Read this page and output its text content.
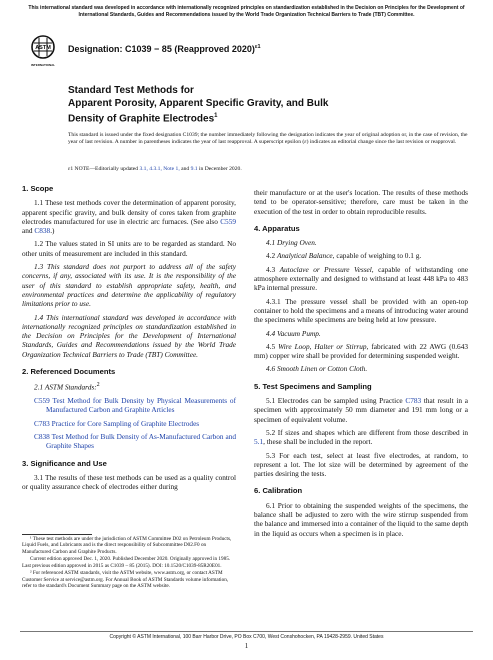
This international standard was developed in accordance with internationally recognized principles on standardization established in the Decision on Principles for the Development of International Standards, Guides and Recommendations issued by the World Trade Organization Technical Barriers to Trade (TBT) Committee.
ASTM
INTERNATIONAL
Designation: C1039 − 85 (Reapproved 2020)$^{\varepsilon 1}$
Standard Test Methods for
Apparent Porosity, Apparent Specific Gravity, and Bulk
Density of Graphite Electrodes$^1$
This standard is issued under the fixed designation C1039; the number immediately following the designation indicates the year of original adoption or, in the case of revision, the year of last revision. A number in parentheses indicates the year of last reapproval. A superscript epsilon (ε) indicates an editorial change since the last revision or reapproval.
ε1 NOTE—Editorially updated 3.1, 4.3.1, Note 1, and 9.1 in December 2020.
1. Scope

1.1 These test methods cover the determination of apparent porosity, apparent specific gravity, and bulk density of cores taken from graphite electrodes manufactured for use in electric arc furnaces. (See also C559 and C838.)

1.2 The values stated in SI units are to be regarded as standard. No other units of measurement are included in this standard.

1.3 This standard does not purport to address all of the safety concerns, if any, associated with its use. It is the responsibility of the user of this standard to establish appropriate safety, health, and environmental practices and determine the applicability of regulatory limitations prior to use.

1.4 This international standard was developed in accordance with internationally recognized principles on standardization established in the Decision on Principles for the Development of International Standards, Guides and Recommendations issued by the World Trade Organization Technical Barriers to Trade (TBT) Committee.

2. Referenced Documents

2.1 ASTM Standards:$^2$

C559 Test Method for Bulk Density by Physical Measurements of Manufactured Carbon and Graphite Articles

C783 Practice for Core Sampling of Graphite Electrodes

C838 Test Method for Bulk Density of As-Manufactured Carbon and Graphite Shapes

3. Significance and Use

3.1 The results of these test methods can be used as a quality control or quality assurance check of electrodes either during

¹ These test methods are under the jurisdiction of ASTM Committee D02 on Petroleum Products, Liquid Fuels, and Lubricants and is the direct responsibility of Subcommittee D02.F0 on Manufactured Carbon and Graphite Products.

Current edition approved Dec. 1, 2020. Published December 2020. Originally approved in 1985. Last previous edition approved in 2015 as C1039 – 85 (2015). DOI: 10.1520/C1039-85R20E01.

² For referenced ASTM standards, visit the ASTM website, www.astm.org, or contact ASTM Customer Service at service@astm.org. For Annual Book of ASTM Standards volume information, refer to the standard's Document Summary page on the ASTM website.

their manufacture or at the user's location. The results of these methods tend to be operator-sensitive; therefore, care must be taken in the execution of the test in order to obtain reproducible results.

4. Apparatus

4.1 Drying Oven.

4.2 Analytical Balance, capable of weighing to 0.1 g.

4.3 Autoclave or Pressure Vessel, capable of withstanding one atmosphere externally and designed to withstand at least 448 kPa to 483 kPa internal pressure.

4.3.1 The pressure vessel shall be provided with an open-top container to hold the specimens and a means of introducing water around the specimens while specimens are being held at low pressure.

4.4 Vacuum Pump.

4.5 Wire Loop, Halter or Stirrup, fabricated with 22 AWG (0.643 mm) copper wire shall be provided for determining suspended weight.

4.6 Smooth Linen or Cotton Cloth.

5. Test Specimens and Sampling

5.1 Electrodes can be sampled using Practice C783 that result in a specimen with approximately 50 mm diameter and 191 mm long or a specimen of equivalent volume.

5.2 If sizes and shapes which are different from those described in 5.1, these shall be included in the report.

5.3 For each test, select at least five electrodes, at random, to represent a lot. The lot size will be determined by agreement of the parties desiring the tests.

6. Calibration

6.1 Prior to obtaining the suspended weights of the specimens, the balance shall be adjusted to zero with the wire stirrup suspended from the balance and immersed into a container of the liquid to the same depth in the liquid as occurs when a specimen is in place.

Copyright © ASTM International, 100 Barr Harbor Drive, PO Box C700, West Conshohocken, PA 19428-2959. United States
1
